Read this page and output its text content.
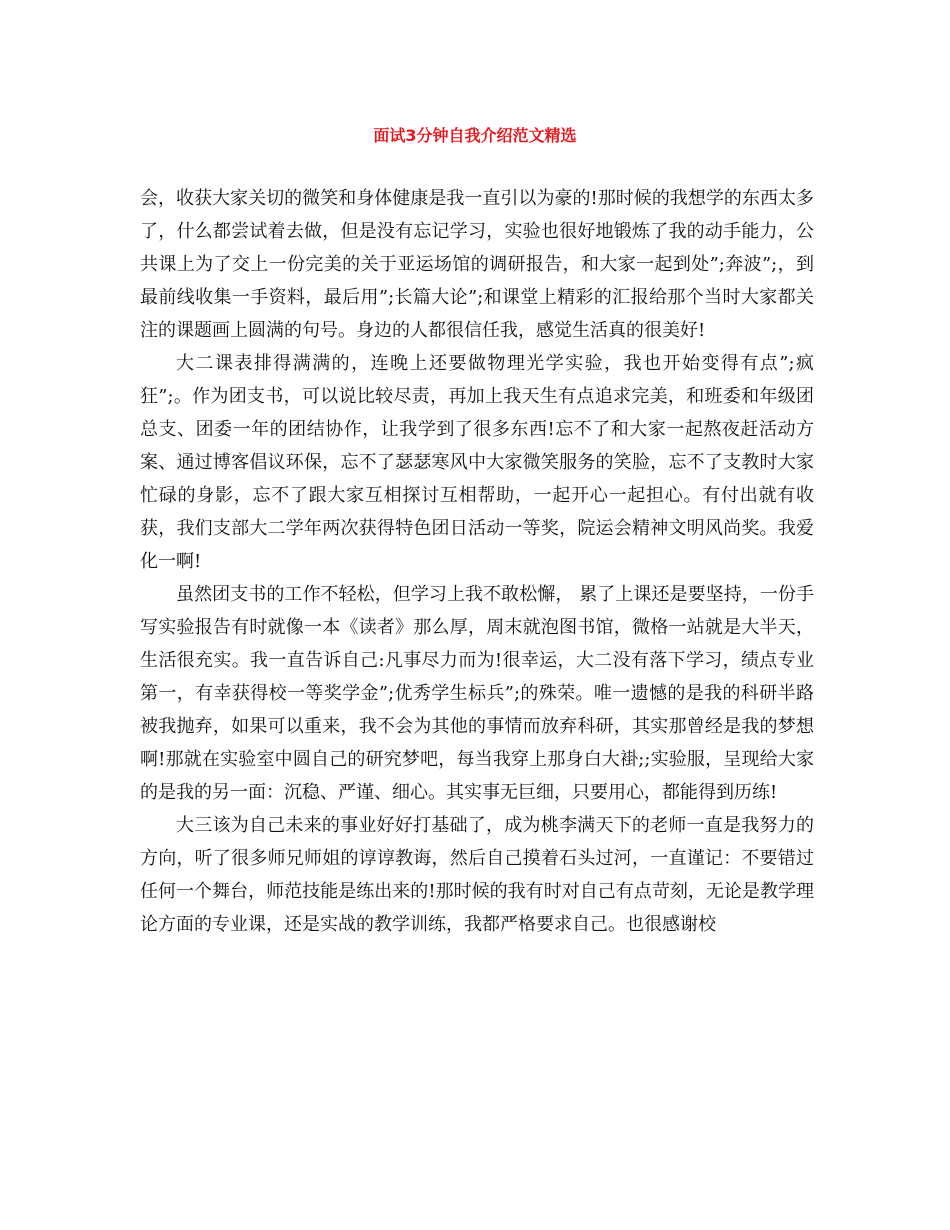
面试3分钟自我介绍范文精选

会，收获大家关切的微笑和身体健康是我一直引以为豪的!那时候的我想学的东西太多了，什么都尝试着去做，但是没有忘记学习，实验也很好地锻炼了我的动手能力，公共课上为了交上一份完美的关于亚运场馆的调研报告，和大家一起到处”;奔波”;，到最前线收集一手资料，最后用”;长篇大论”;和课堂上精彩的汇报给那个当时大家都关注的课题画上圆满的句号。身边的人都很信任我，感觉生活真的很美好!

大二课表排得满满的，连晚上还要做物理光学实验，我也开始变得有点”;疯狂”;。作为团支书，可以说比较尽责，再加上我天生有点追求完美，和班委和年级团总支、团委一年的团结协作，让我学到了很多东西!忘不了和大家一起熬夜赶活动方案、通过博客倡议环保，忘不了瑟瑟寒风中大家微笑服务的笑脸，忘不了支教时大家忙碌的身影，忘不了跟大家互相探讨互相帮助，一起开心一起担心。有付出就有收获，我们支部大二学年两次获得特色团日活动一等奖，院运会精神文明风尚奖。我爱化一啊!

虽然团支书的工作不轻松，但学习上我不敢松懈， 累了上课还是要坚持，一份手写实验报告有时就像一本《读者》那么厚，周末就泡图书馆，微格一站就是大半天，生活很充实。我一直告诉自己:凡事尽力而为!很幸运，大二没有落下学习，绩点专业第一，有幸获得校一等奖学金”;优秀学生标兵”;的殊荣。唯一遗憾的是我的科研半路被我抛弃，如果可以重来，我不会为其他的事情而放弃科研，其实那曾经是我的梦想啊!那就在实验室中圆自己的研究梦吧，每当我穿上那身白大褂;;实验服，呈现给大家的是我的另一面：沉稳、严谨、细心。其实事无巨细，只要用心，都能得到历练!

大三该为自己未来的事业好好打基础了，成为桃李满天下的老师一直是我努力的方向，听了很多师兄师姐的谆谆教诲，然后自己摸着石头过河，一直谨记：不要错过任何一个舞台，师范技能是练出来的!那时候的我有时对自己有点苛刻，无论是教学理论方面的专业课，还是实战的教学训练，我都严格要求自己。也很感谢校
